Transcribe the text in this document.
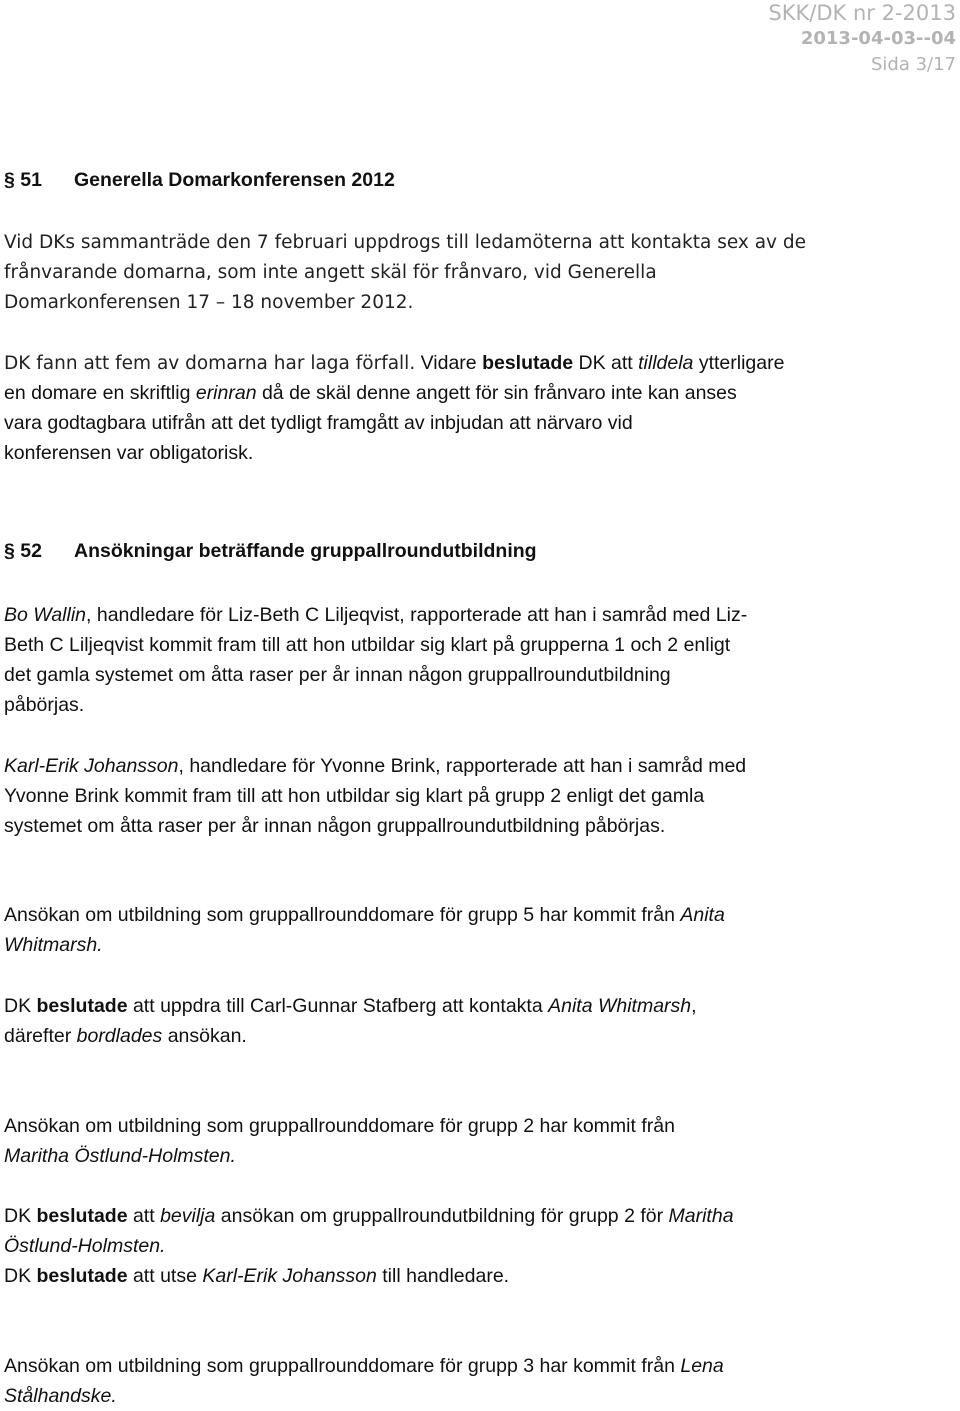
SKK/DK nr 2-2013
2013-04-03--04
Sida 3/17
§ 51 Generella Domarkonferensen 2012
Vid DKs sammanträde den 7 februari uppdrogs till ledamöterna att kontakta sex av de
frånvarande domarna, som inte angett skäl för frånvaro, vid Generella
Domarkonferensen 17 – 18 november 2012.
DK fann att fem av domarna har laga förfall. Vidare beslutade DK att tilldela ytterligare
en domare en skriftlig erinran då de skäl denne angett för sin frånvaro inte kan anses
vara godtagbara utifrån att det tydligt framgått av inbjudan att närvaro vid
konferensen var obligatorisk.
§ 52 Ansökningar beträffande gruppallroundutbildning
Bo Wallin, handledare för Liz-Beth C Liljeqvist, rapporterade att han i samråd med Liz-
Beth C Liljeqvist kommit fram till att hon utbildar sig klart på grupperna 1 och 2 enligt
det gamla systemet om åtta raser per år innan någon gruppallroundutbildning
påbörjas.
Karl-Erik Johansson, handledare för Yvonne Brink, rapporterade att han i samråd med
Yvonne Brink kommit fram till att hon utbildar sig klart på grupp 2 enligt det gamla
systemet om åtta raser per år innan någon gruppallroundutbildning påbörjas.
Ansökan om utbildning som gruppallrounddomare för grupp 5 har kommit från Anita
Whitmarsh.
DK beslutade att uppdra till Carl-Gunnar Stafberg att kontakta Anita Whitmarsh,
därefter bordlades ansökan.
Ansökan om utbildning som gruppallrounddomare för grupp 2 har kommit från
Maritha Östlund-Holmsten.
DK beslutade att bevilja ansökan om gruppallroundutbildning för grupp 2 för Maritha
Östlund-Holmsten.
DK beslutade att utse Karl-Erik Johansson till handledare.
Ansökan om utbildning som gruppallrounddomare för grupp 3 har kommit från Lena
Stålhandske.
